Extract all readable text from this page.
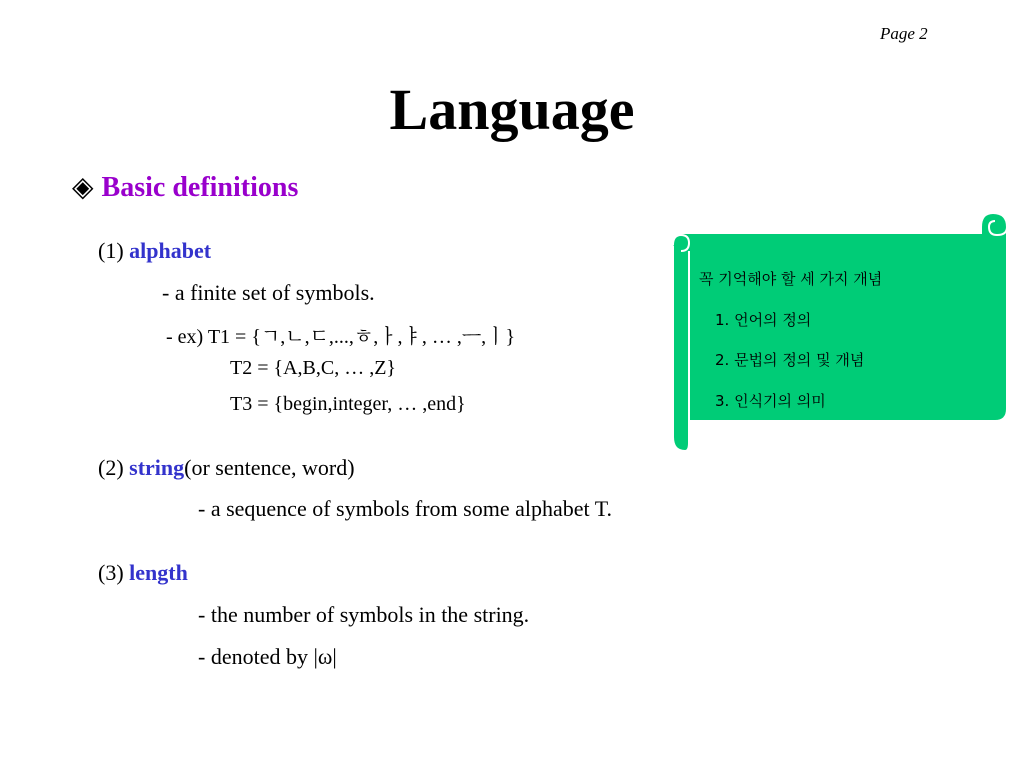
Page 2
Language
◈ Basic definitions
(1) alphabet
- a finite set of symbols.
- ex) T1 = {ㄱ,ㄴ,ㄷ,...,ㅎ,ㅏ,ㅑ, … ,ㅡ,ㅣ}
T2 = {A,B,C, … ,Z}
T3 = {begin,integer, … ,end}
(2) string(or sentence, word)
- a sequence of symbols from some alphabet T.
(3) length
- the number of symbols in the string.
- denoted by |ω|
꼭 기억해야 할 세 가지 개념
1. 언어의 정의
2. 문법의 정의 및 개념
3. 인식기의 의미
